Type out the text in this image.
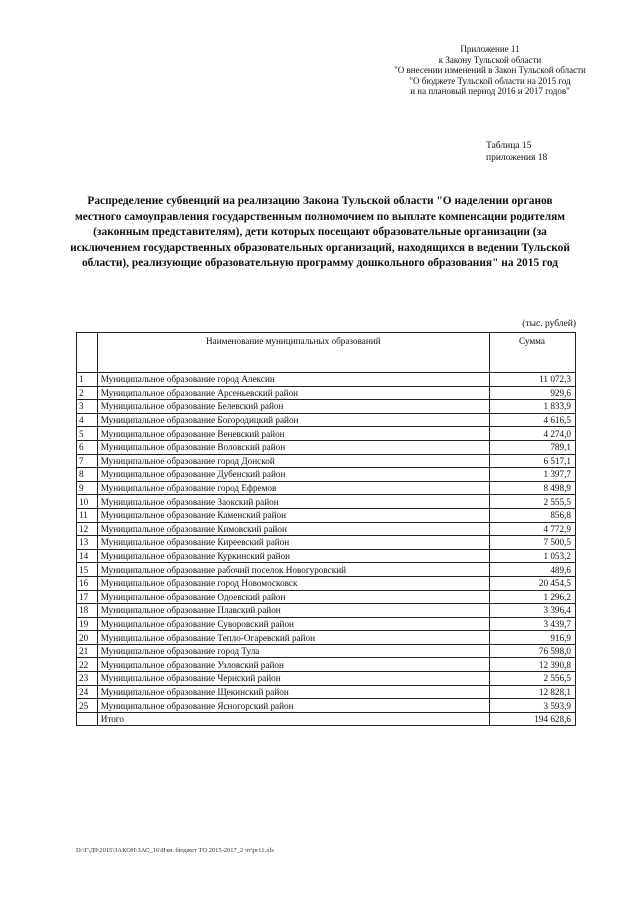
Приложение 11
к Закону Тульской области
"О внесении изменений в Закон Тульской области
"О бюджете Тульской области на 2015 год
и на плановый период 2016 и 2017 годов"
Таблица 15
приложения 18
Распределение субвенций на реализацию Закона Тульской области "О наделении органов местного самоуправления государственным полномочием по выплате компенсации родителям (законным представителям), дети которых посещают образовательные организации (за исключением государственных образовательных организаций, находящихся в ведении Тульской области), реализующие образовательную программу дошкольного образования" на 2015 год
(тыс. рублей)
	Наименование муниципальных образований	Сумма
1	Муниципальное образование город Алексин	11 072,3
2	Муниципальное образование Арсеньевский район	929,6
3	Муниципальное образование Белевский район	1 833,9
4	Муниципальное образование Богородицкий район	4 616,5
5	Муниципальное образование Веневский район	4 274,0
6	Муниципальное образование Воловский район	789,1
7	Муниципальное образование город Донской	6 517,1
8	Муниципальное образование Дубенский район	1 397,7
9	Муниципальное образование город Ефремов	8 498,9
10	Муниципальное образование Заокский район	2 555,5
11	Муниципальное образование Каменский район	856,8
12	Муниципальное образование Кимовский район	4 772,9
13	Муниципальное образование Киреевский район	7 500,5
14	Муниципальное образование Куркинский район	1 053,2
15	Муниципальное образование рабочий поселок Новогуровский	489,6
16	Муниципальное образование город Новомосковск	20 454,5
17	Муниципальное образование Одоевский район	1 296,2
18	Муниципальное образование Плавский район	3 396,4
19	Муниципальное образование Суворовский район	3 439,7
20	Муниципальное образование Тепло-Огаревский район	916,9
21	Муниципальное образование город Тула	76 598,0
22	Муниципальное образование Узловский район	12 390,8
23	Муниципальное образование Чернский район	2 556,5
24	Муниципальное образование Щекинский район	12 828,1
25	Муниципальное образование Ясногорский район	3 593,9
	Итого	194 628,6
D:\Г\Д9\2015\ЗАКОН\ЗАС_16\Изм. бюджет ТО 2015-2017_2 чт\pr11.xls
